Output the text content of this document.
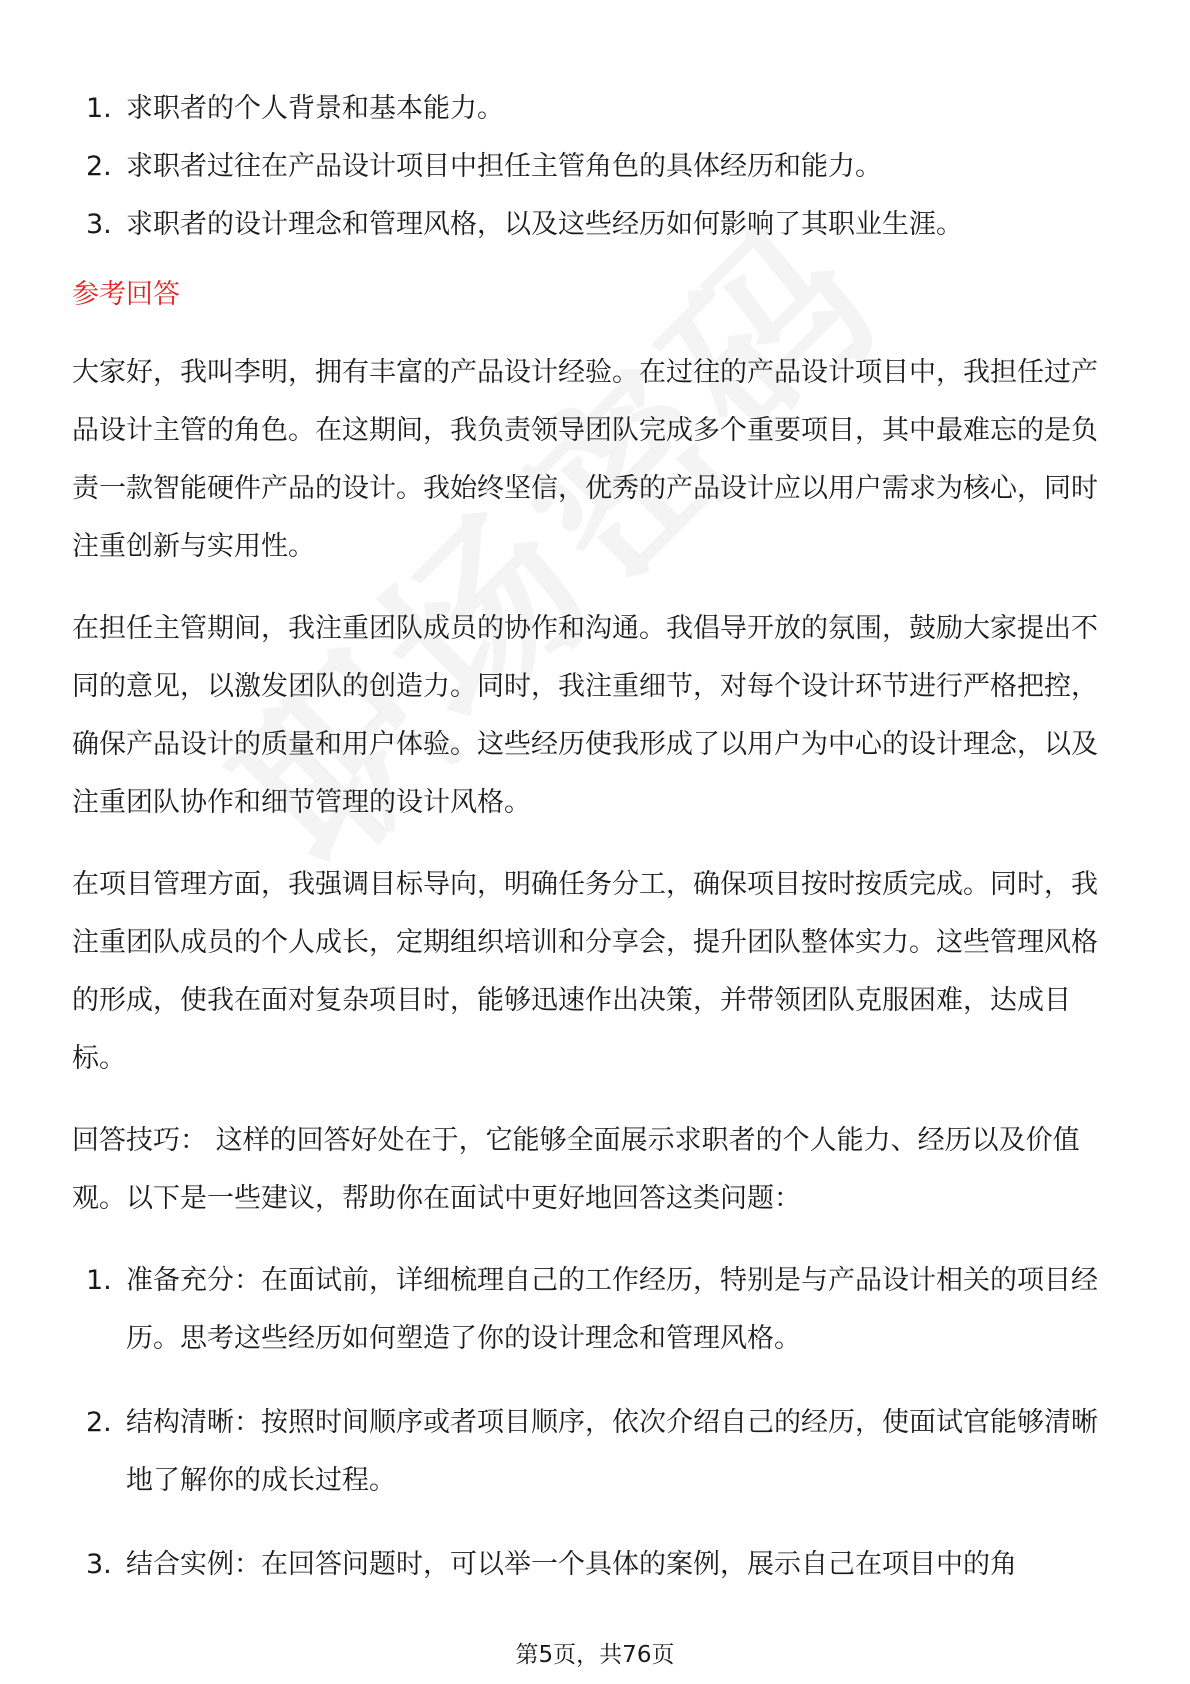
1. 求职者的个人背景和基本能力。
2. 求职者过往在产品设计项目中担任主管角色的具体经历和能力。
3. 求职者的设计理念和管理风格，以及这些经历如何影响了其职业生涯。
参考回答

大家好，我叫李明，拥有丰富的产品设计经验。在过往的产品设计项目中，我担任过产品设计主管的角色。在这期间，我负责领导团队完成多个重要项目，其中最难忘的是负责一款智能硬件产品的设计。我始终坚信，优秀的产品设计应以用户需求为核心，同时注重创新与实用性。

在担任主管期间，我注重团队成员的协作和沟通。我倡导开放的氛围，鼓励大家提出不同的意见，以激发团队的创造力。同时，我注重细节，对每个设计环节进行严格把控，确保产品设计的质量和用户体验。这些经历使我形成了以用户为中心的设计理念，以及注重团队协作和细节管理的设计风格。

在项目管理方面，我强调目标导向，明确任务分工，确保项目按时按质完成。同时，我注重团队成员的个人成长，定期组织培训和分享会，提升团队整体实力。这些管理风格的形成，使我在面对复杂项目时，能够迅速作出决策，并带领团队克服困难，达成目标。

回答技巧： 这样的回答好处在于，它能够全面展示求职者的个人能力、经历以及价值观。以下是一些建议，帮助你在面试中更好地回答这类问题：

1. 准备充分：在面试前，详细梳理自己的工作经历，特别是与产品设计相关的项目经历。思考这些经历如何塑造了你的设计理念和管理风格。
2. 结构清晰：按照时间顺序或者项目顺序，依次介绍自己的经历，使面试官能够清晰地了解你的成长过程。
3. 结合实例：在回答问题时，可以举一个具体的案例，展示自己在项目中的角
第5页，共76页
